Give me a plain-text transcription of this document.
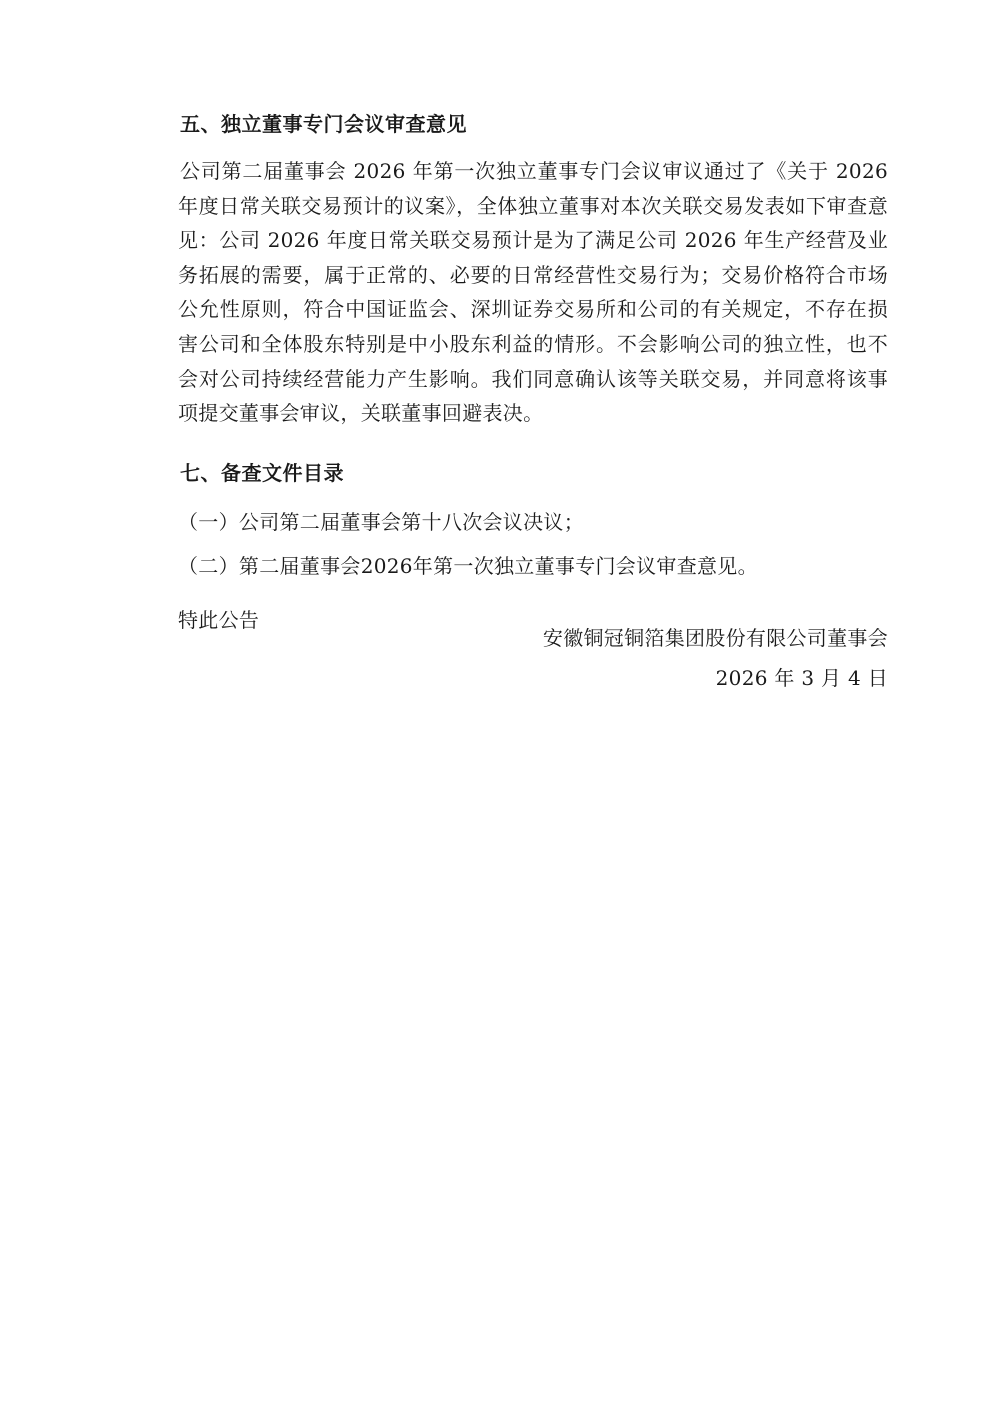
五、独立董事专门会议审查意见

公司第二届董事会 2026 年第一次独立董事专门会议审议通过了《关于 2026 年度日常关联交易预计的议案》，全体独立董事对本次关联交易发表如下审查意见：公司 2026 年度日常关联交易预计是为了满足公司 2026 年生产经营及业务拓展的需要，属于正常的、必要的日常经营性交易行为；交易价格符合市场公允性原则，符合中国证监会、深圳证券交易所和公司的有关规定，不存在损害公司和全体股东特别是中小股东利益的情形。不会影响公司的独立性，也不会对公司持续经营能力产生影响。我们同意确认该等关联交易，并同意将该事项提交董事会审议，关联董事回避表决。

七、备查文件目录

（一）公司第二届董事会第十八次会议决议；

（二）第二届董事会2026年第一次独立董事专门会议审查意见。

特此公告

安徽铜冠铜箔集团股份有限公司董事会
2026 年 3 月 4 日
